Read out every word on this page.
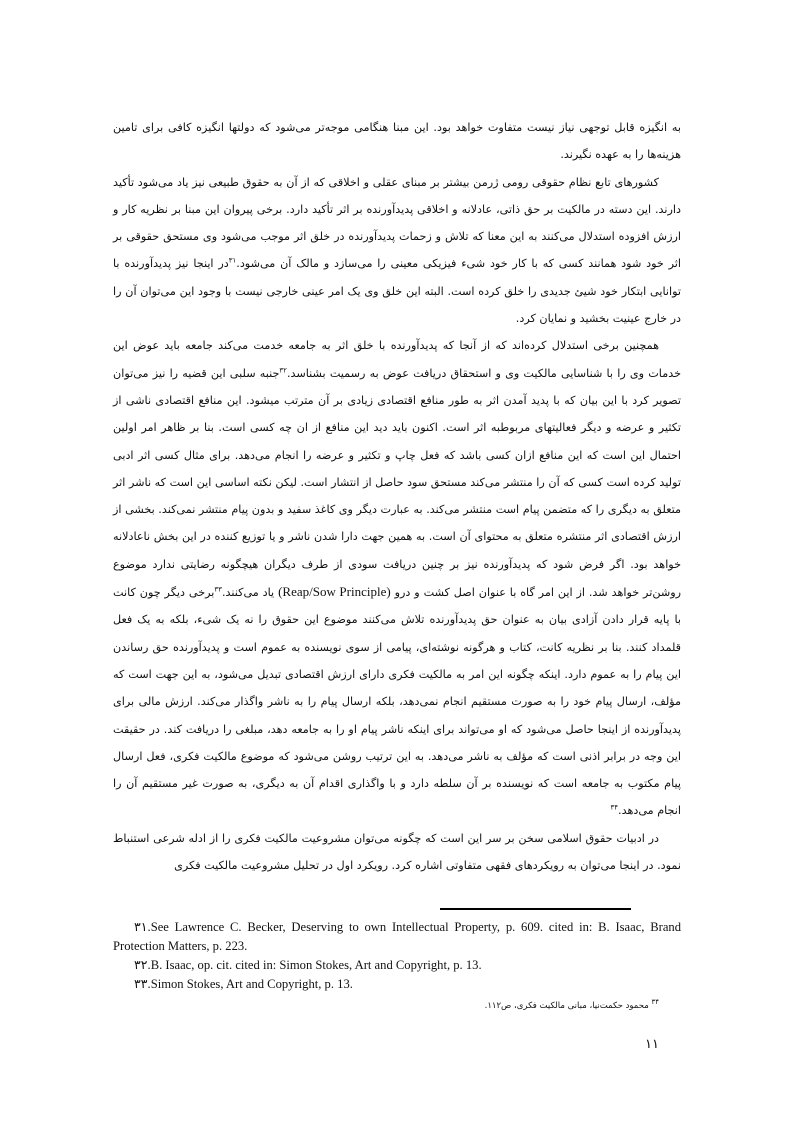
به انگیزه قابل توجهی نیاز نیست متفاوت خواهد بود. این مبنا هنگامی موجه‌تر می‌شود که دولتها انگیزه کافی برای تامین هزینه‌ها را به عهده نگیرند.

کشورهای تابع نظام حقوقی رومی ژرمن بیشتر بر مبنای عقلی و اخلاقی که از آن به حقوق طبیعی نیز یاد می‌شود تأکید دارند. این دسته در مالکیت بر حق ذاتی، عادلانه و اخلاقی پدیدآورنده بر اثر تأکید دارد. برخی پیروان این مبنا بر نظریه کار و ارزش افزوده استدلال می‌کنند به این معنا که تلاش و زحمات پدیدآورنده در خلق اثر موجب می‌شود وی مستحق حقوقی بر اثر خود شود همانند کسی که با کار خود شیء فیزیکی معینی را می‌سازد و مالک آن می‌شود.$^{۳۱}$در اینجا نیز پدیدآورنده با توانایی ابتکار خود شیئ جدیدی را خلق کرده است. البته این خلق وی یک امر عینی خارجی نیست با وجود این می‌توان آن را در خارج عینیت بخشید و نمایان کرد.

همچنین برخی استدلال کرده‌اند که از آنجا که پدیدآورنده با خلق اثر به جامعه خدمت می‌کند جامعه باید عوض این خدمات وی را با شناسایی مالکیت وی و استحقاق دریافت عوض به رسمیت بشناسد.$^{۳۲}$جنبه سلبی این قضیه را نیز می‌توان تصویر کرد با این بیان که با پدید آمدن اثر به طور منافع اقتصادی زیادی بر آن مترتب میشود. این منافع اقتصادی ناشی از تکثیر و عرضه و دیگر فعالیتهای مربوطبه اثر است. اکنون باید دید این منافع از ان چه کسی است. بنا بر ظاهر امر اولین احتمال این است که این منافع ازان کسی باشد که فعل چاپ و تکثیر و عرضه را انجام می‌دهد. برای مثال کسی اثر ادبی تولید کرده است کسی که آن را منتشر می‌کند مستحق سود حاصل از انتشار است. لیکن نکته اساسی این است که ناشر اثر متعلق به دیگری را که متضمن پیام است منتشر می‌کند. به عبارت دیگر وی کاغذ سفید و بدون پیام منتشر نمی‌کند. بخشی از ارزش اقتصادی اثر منتشره متعلق به محتوای آن است. به همین جهت دارا شدن ناشر و یا توزیع کننده در این بخش ناعادلانه خواهد بود. اگر فرض شود که پدیدآورنده نیز بر چنین دریافت سودی از طرف دیگران هیچگونه رضایتی ندارد موضوع روشن‌تر خواهد شد. از این امر گاه با عنوان اصل کشت و درو (Reap/Sow Principle) یاد می‌کنند.$^{۳۳}$برخی دیگر چون کانت با پایه قرار دادن آزادی بیان به عنوان حق پدیدآورنده تلاش می‌کنند موضوع این حقوق را نه یک شیء، بلکه به یک فعل قلمداد کنند. بنا بر نظریه کانت، کتاب و هرگونه نوشته‌ای، پیامی از سوی نویسنده به عموم است و پدیدآورنده حق رساندن این پیام را به عموم دارد. اینکه چگونه این امر به مالکیت فکری دارای ارزش اقتصادی تبدیل می‌شود، به این جهت است که مؤلف، ارسال پیام خود را به صورت مستقیم انجام نمی‌دهد، بلکه ارسال پیام را به ناشر واگذار می‌کند. ارزش مالی برای پدیدآورنده از اینجا حاصل می‌شود که او می‌تواند برای اینکه ناشر پیام او را به جامعه دهد، مبلغی را دریافت کند. در حقیقت این وجه در برابر اذنی است که مؤلف به ناشر می‌دهد. به این ترتیب روشن می‌شود که موضوع مالکیت فکری، فعل ارسال پیام مکتوب به جامعه است که نویسنده بر آن سلطه دارد و با واگذاری اقدام آن به دیگری، به صورت غیر مستقیم آن را انجام می‌دهد.$^{۳۴}$

در ادبیات حقوق اسلامی سخن بر سر این است که چگونه می‌توان مشروعیت مالکیت فکری را از ادله شرعی استنباط نمود. در اینجا می‌توان به رویکردهای فقهی متفاوتی اشاره کرد. رویکرد اول در تحلیل مشروعیت مالکیت فکری

۳۱.See Lawrence C. Becker, Deserving to own Intellectual Property, p. 609. cited in: B. Isaac, Brand Protection Matters, p. 223.

۳۲.B. Isaac, op. cit. cited in: Simon Stokes, Art and Copyright, p. 13.

۳۳.Simon Stokes, Art and Copyright, p. 13.

$^{۳۴}$ محمود حکمت‌نیا، مبانی مالکیت فکری، ص۱۱۲.

۱۱
